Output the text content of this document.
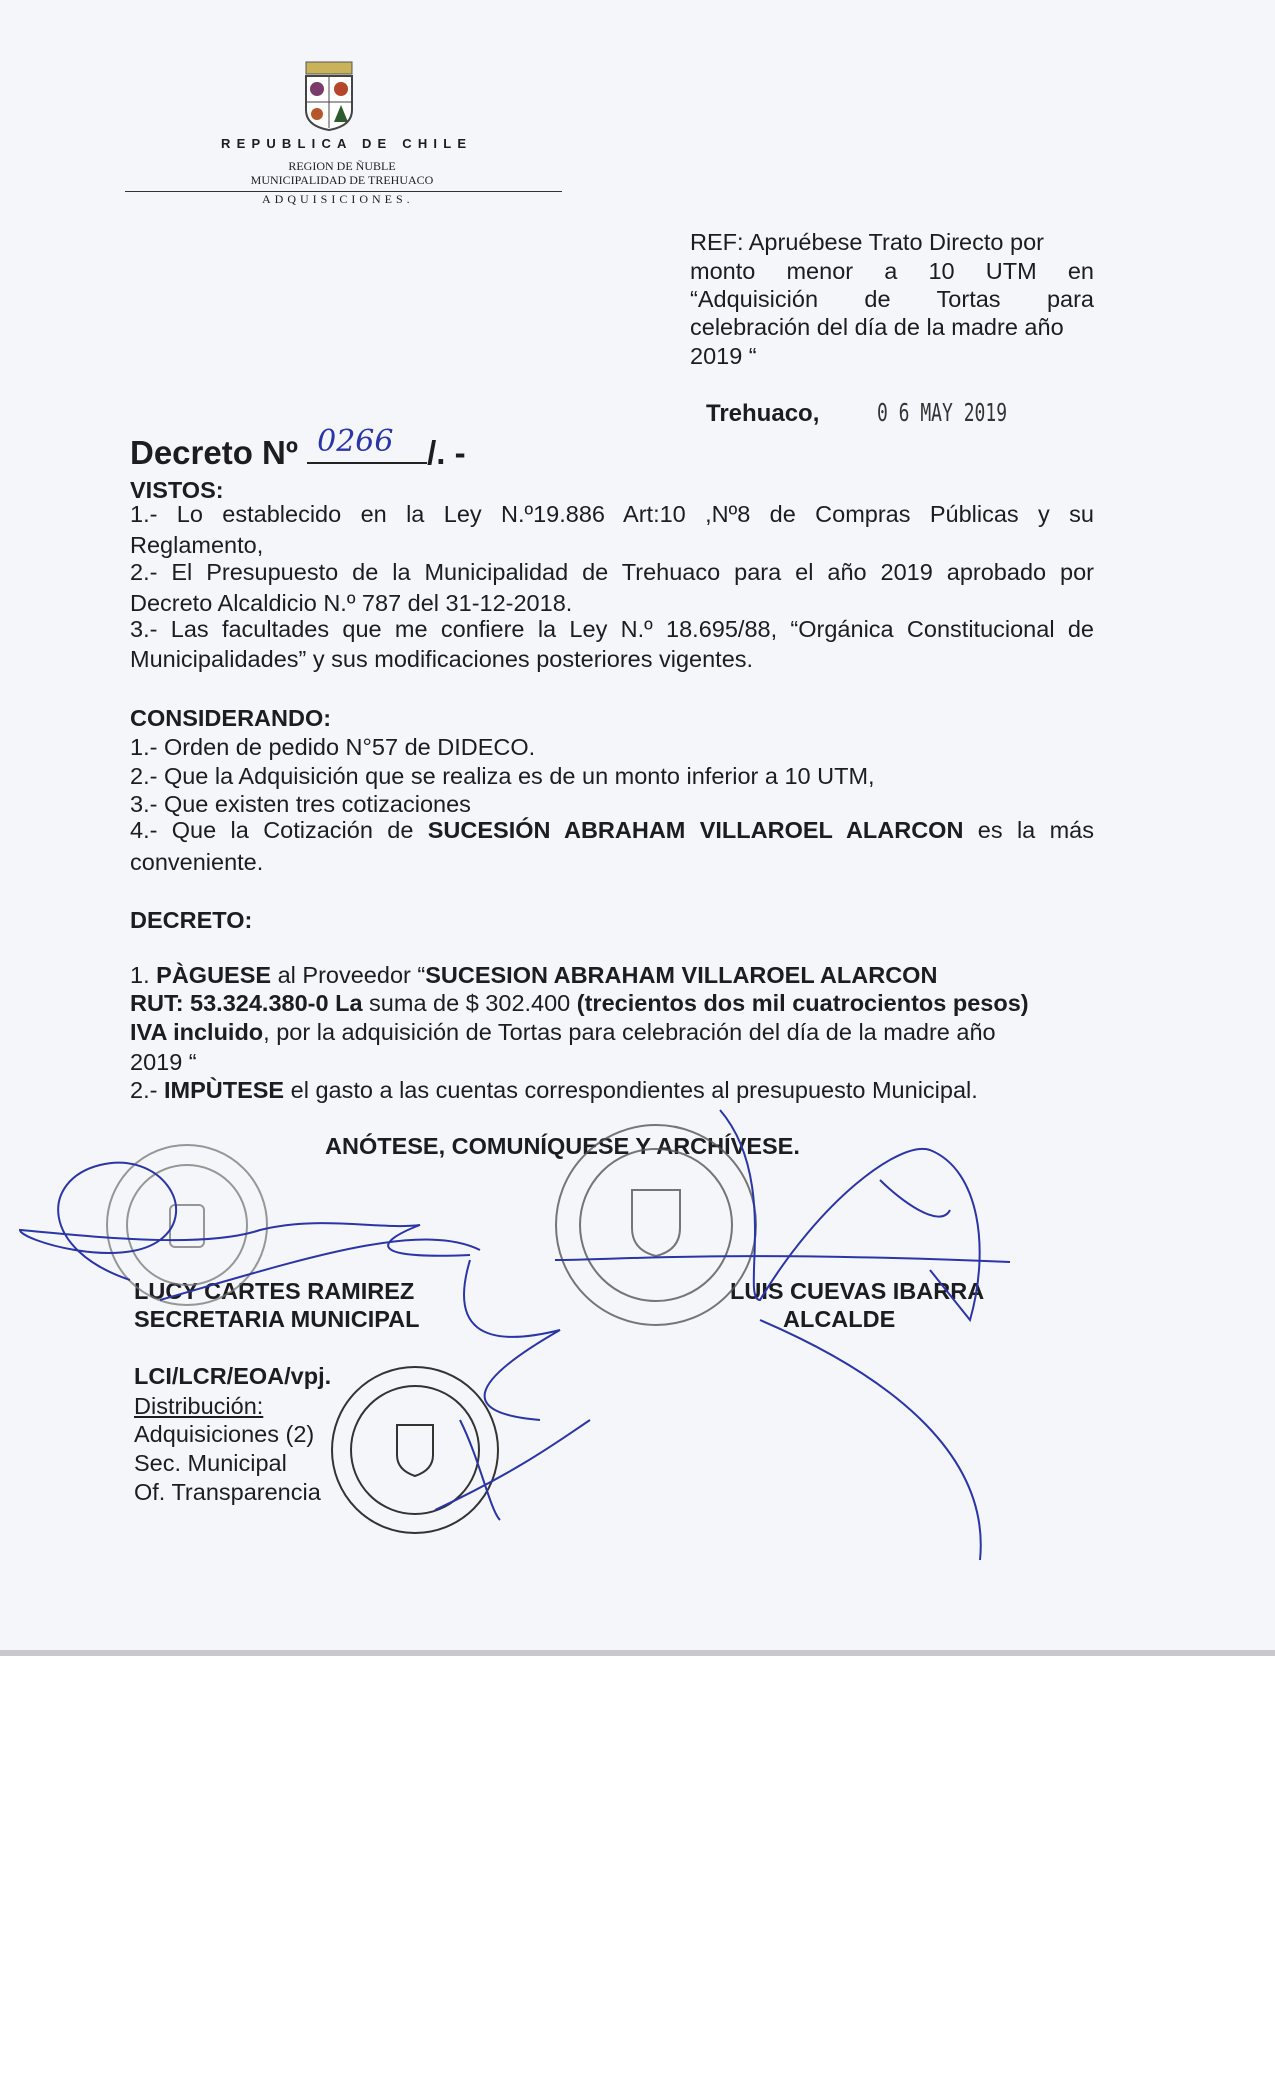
REPUBLICA DE CHILE
REGION DE ÑUBLE
MUNICIPALIDAD DE TREHUACO
ADQUISICIONES.
REF: Apruébese Trato Directo por
monto menor a 10 UTM en
“Adquisición de Tortas para
celebración del día de la madre año
2019 “
Trehuaco, 0 6 MAY 2019
Decreto Nº 0266 /. -
VISTOS:
1.- Lo establecido en la Ley N.º19.886 Art:10 ,Nº8 de Compras Públicas y su
Reglamento,
2.- El Presupuesto de la Municipalidad de Trehuaco para el año 2019 aprobado por
Decreto Alcaldicio N.º 787 del 31-12-2018.
3.- Las facultades que me confiere la Ley N.º 18.695/88, “Orgánica Constitucional de
Municipalidades” y sus modificaciones posteriores vigentes.
CONSIDERANDO:
1.- Orden de pedido N°57 de DIDECO.
2.- Que la Adquisición que se realiza es de un monto inferior a 10 UTM,
3.- Que existen tres cotizaciones
4.- Que la Cotización de SUCESIÓN ABRAHAM VILLAROEL ALARCON es la más
conveniente.
DECRETO:
1. PÀGUESE al Proveedor “SUCESION ABRAHAM VILLAROEL ALARCON
RUT: 53.324.380-0 La suma de $ 302.400 (trecientos dos mil cuatrocientos pesos)
IVA incluido, por la adquisición de Tortas para celebración del día de la madre año
2019 “
2.- IMPÙTESE el gasto a las cuentas correspondientes al presupuesto Municipal.
ANÓTESE, COMUNÍQUESE Y ARCHÍVESE.
LUCY CARTES RAMIREZ
SECRETARIA MUNICIPAL
LUIS CUEVAS IBARRA
ALCALDE
LCI/LCR/EOA/vpj.
Distribución:
Adquisiciones (2)
Sec. Municipal
Of. Transparencia
